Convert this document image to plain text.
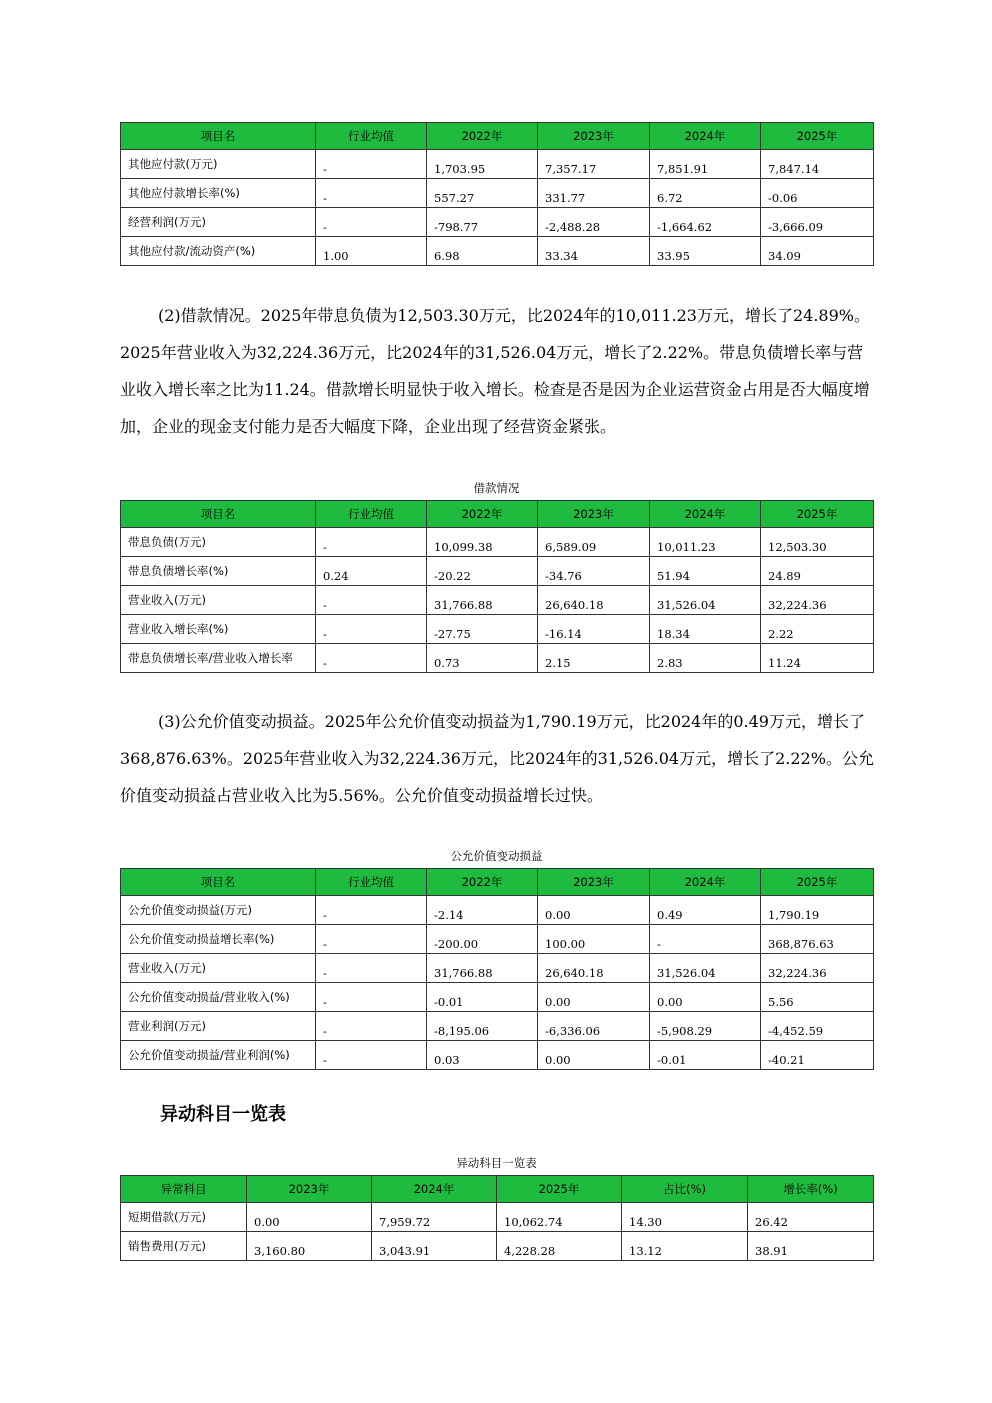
项目名	行业均值	2022年	2023年	2024年	2025年
其他应付款(万元)	-	1,703.95	7,357.17	7,851.91	7,847.14
其他应付款增长率(%)	-	557.27	331.77	6.72	-0.06
经营利润(万元)	-	-798.77	-2,488.28	-1,664.62	-3,666.09
其他应付款/流动资产(%)	1.00	6.98	33.34	33.95	34.09

(2)借款情况。2025年带息负债为12,503.30万元，比2024年的10,011.23万元，增长了24.89%。2025年营业收入为32,224.36万元，比2024年的31,526.04万元，增长了2.22%。带息负债增长率与营业收入增长率之比为11.24。借款增长明显快于收入增长。检查是否是因为企业运营资金占用是否大幅度增加，企业的现金支付能力是否大幅度下降，企业出现了经营资金紧张。

借款情况
项目名	行业均值	2022年	2023年	2024年	2025年
带息负债(万元)	-	10,099.38	6,589.09	10,011.23	12,503.30
带息负债增长率(%)	0.24	-20.22	-34.76	51.94	24.89
营业收入(万元)	-	31,766.88	26,640.18	31,526.04	32,224.36
营业收入增长率(%)	-	-27.75	-16.14	18.34	2.22
带息负债增长率/营业收入增长率	-	0.73	2.15	2.83	11.24

(3)公允价值变动损益。2025年公允价值变动损益为1,790.19万元，比2024年的0.49万元，增长了368,876.63%。2025年营业收入为32,224.36万元，比2024年的31,526.04万元，增长了2.22%。公允价值变动损益占营业收入比为5.56%。公允价值变动损益增长过快。

公允价值变动损益
项目名	行业均值	2022年	2023年	2024年	2025年
公允价值变动损益(万元)	-	-2.14	0.00	0.49	1,790.19
公允价值变动损益增长率(%)	-	-200.00	100.00	-	368,876.63
营业收入(万元)	-	31,766.88	26,640.18	31,526.04	32,224.36
公允价值变动损益/营业收入(%)	-	-0.01	0.00	0.00	5.56
营业利润(万元)	-	-8,195.06	-6,336.06	-5,908.29	-4,452.59
公允价值变动损益/营业利润(%)	-	0.03	0.00	-0.01	-40.21
异动科目一览表
异动科目一览表
异常科目	2023年	2024年	2025年	占比(%)	增长率(%)
短期借款(万元)	0.00	7,959.72	10,062.74	14.30	26.42
销售费用(万元)	3,160.80	3,043.91	4,228.28	13.12	38.91
